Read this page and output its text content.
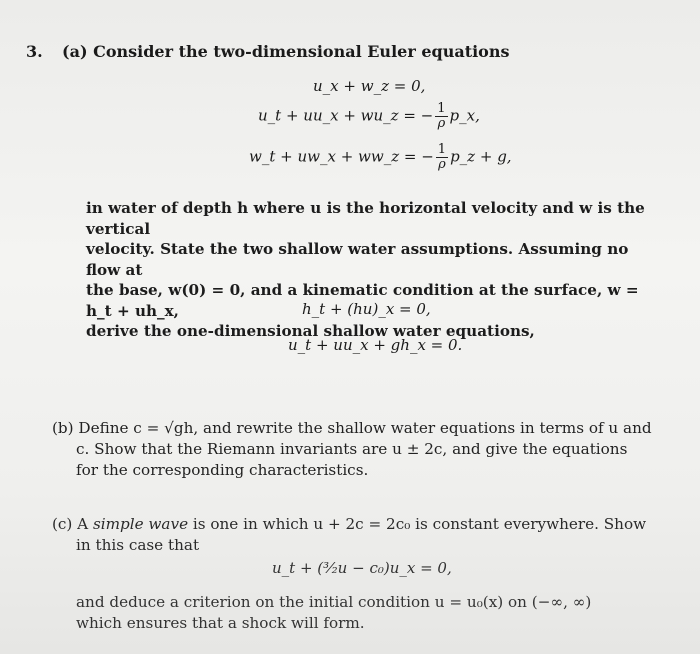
3. (a) Consider the two-dimensional Euler equations
u_x + w_z = 0,
u_t + uu_x + wu_z = − $\frac{1}{\rho}$ p_x,
w_t + uw_x + ww_z = − $\frac{1}{\rho}$ p_z + g,
in water of depth h where u is the horizontal velocity and w is the vertical
velocity. State the two shallow water assumptions. Assuming no flow at
the base, w(0) = 0, and a kinematic condition at the surface, w = h_t + uh_x,
derive the one-dimensional shallow water equations,
h_t + (hu)_x = 0,
u_t + uu_x + gh_x = 0.
(b) Define c = √gh, and rewrite the shallow water equations in terms of u and

c. Show that the Riemann invariants are u ± 2c, and give the equations
for the corresponding characteristics.
(c) A simple wave is one in which u + 2c = 2c₀ is constant everywhere. Show

in this case that
u_t + (³⁄₂u − c₀)u_x = 0,
and deduce a criterion on the initial condition u = u₀(x) on (−∞, ∞)
which ensures that a shock will form.
